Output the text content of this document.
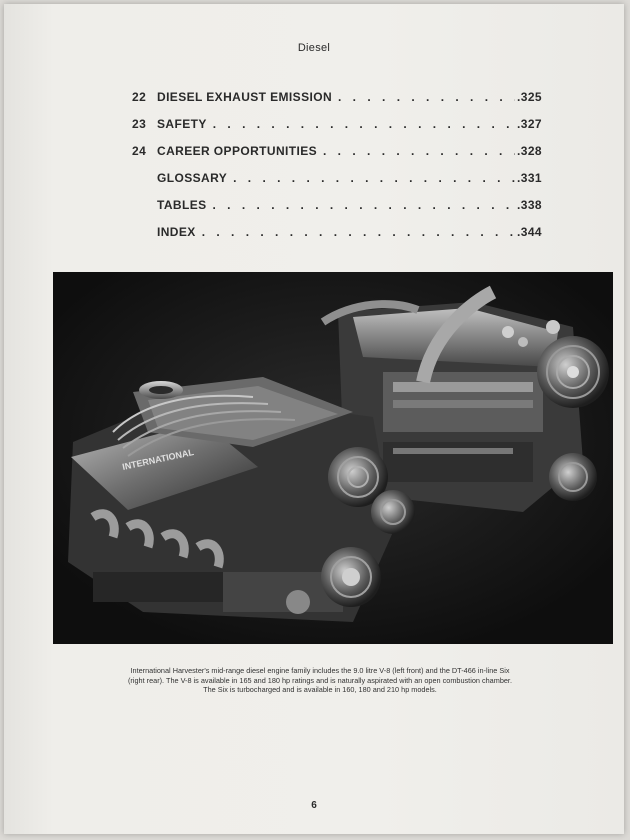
Diesel
22 DIESEL EXHAUST EMISSION . . .	.325
23 SAFETY . . .	.327
24 CAREER OPPORTUNITIES . . .	.328
GLOSSARY . . .	.331
TABLES . . .	.338
INDEX . . .	.344
INTERNATIONAL
International Harvester's mid-range diesel engine family includes the 9.0 litre V-8 (left front) and the DT-466 in-line Six
(right rear). The V-8 is available in 165 and 180 hp ratings and is naturally aspirated with an open combustion chamber.
The Six is turbocharged and is available in 160, 180 and 210 hp models.
6
